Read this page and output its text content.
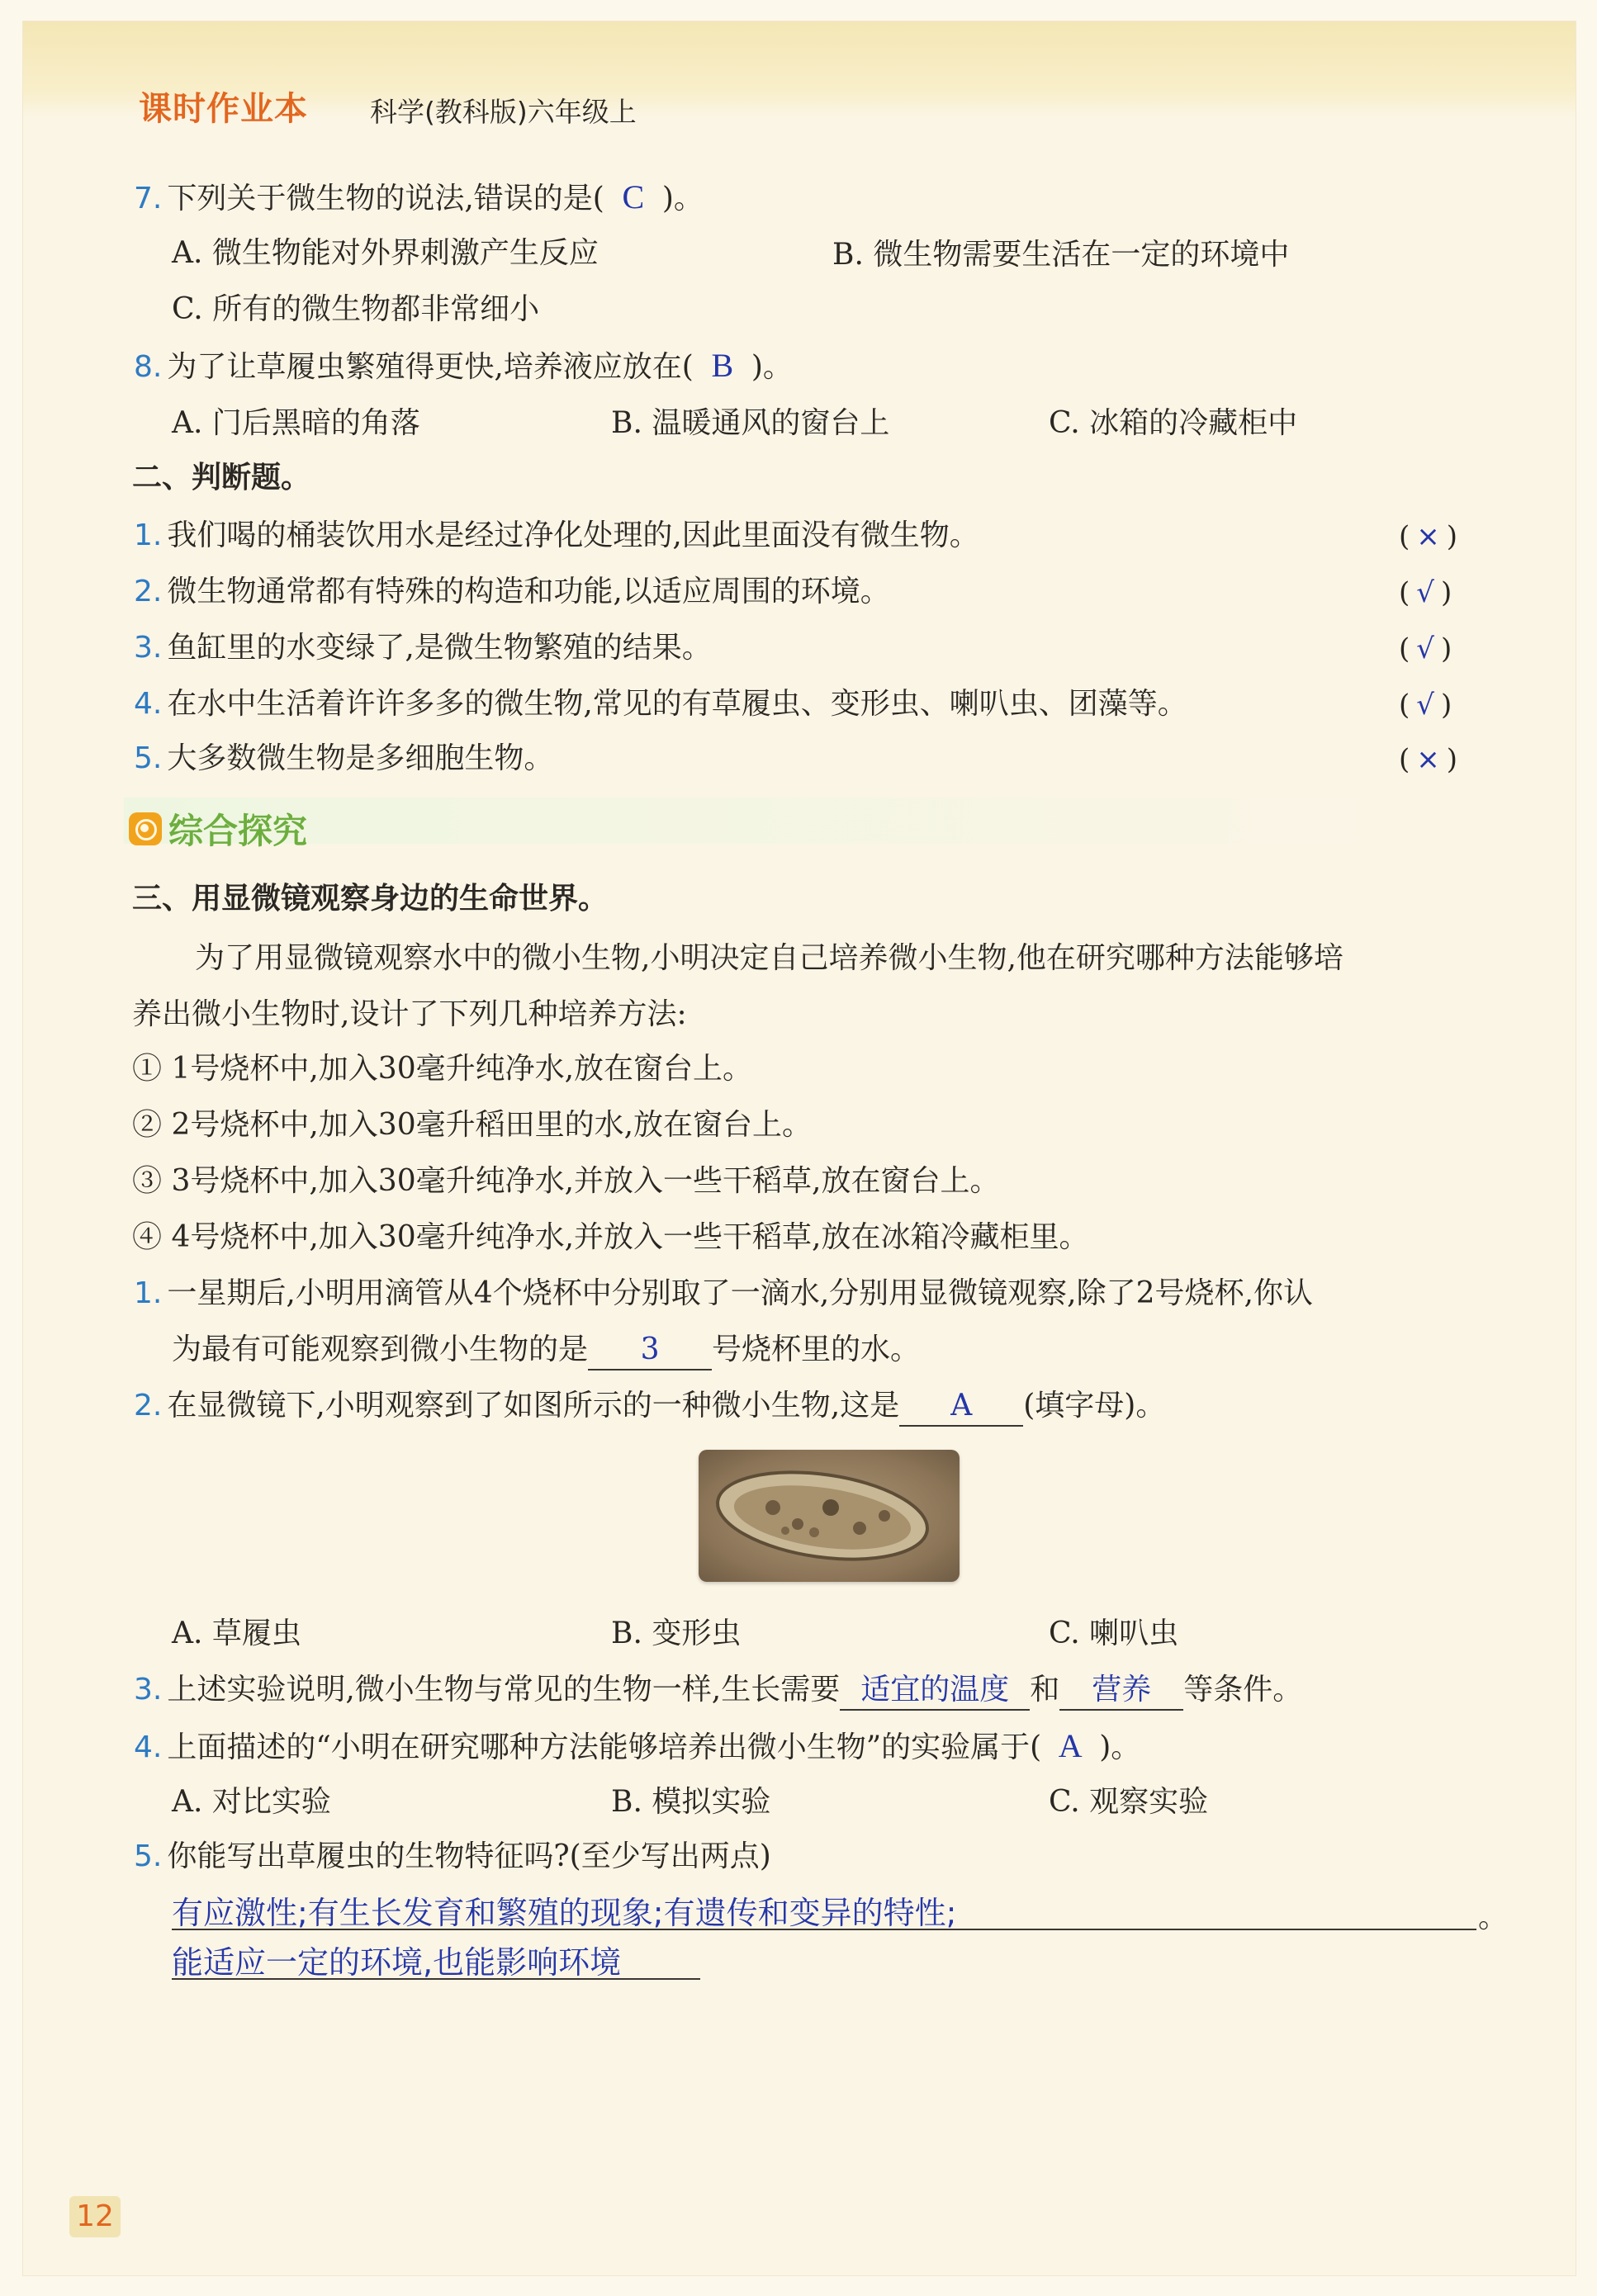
课时作业本 科学(教科版)六年级上
7. 下列关于微生物的说法,错误的是( C )。
A. 微生物能对外界刺激产生反应	B. 微生物需要生活在一定的环境中
C. 所有的微生物都非常细小
8. 为了让草履虫繁殖得更快,培养液应放在( B )。
A. 门后黑暗的角落	B. 温暖通风的窗台上	C. 冰箱的冷藏柜中
二、判断题。
1. 我们喝的桶装饮用水是经过净化处理的,因此里面没有微生物。	(×)
2. 微生物通常都有特殊的构造和功能,以适应周围的环境。	(√)
3. 鱼缸里的水变绿了,是微生物繁殖的结果。	(√)
4. 在水中生活着许许多多的微生物,常见的有草履虫、变形虫、喇叭虫、团藻等。	(√)
5. 大多数微生物是多细胞生物。	(×)
综合探究
三、用显微镜观察身边的生命世界。
为了用显微镜观察水中的微小生物,小明决定自己培养微小生物,他在研究哪种方法能够培
养出微小生物时,设计了下列几种培养方法:
① 1号烧杯中,加入30毫升纯净水,放在窗台上。
② 2号烧杯中,加入30毫升稻田里的水,放在窗台上。
③ 3号烧杯中,加入30毫升纯净水,并放入一些干稻草,放在窗台上。
④ 4号烧杯中,加入30毫升纯净水,并放入一些干稻草,放在冰箱冷藏柜里。
1. 一星期后,小明用滴管从4个烧杯中分别取了一滴水,分别用显微镜观察,除了2号烧杯,你认
为最有可能观察到微小生物的是 3 号烧杯里的水。
2. 在显微镜下,小明观察到了如图所示的一种微小生物,这是 A (填字母)。
A. 草履虫	B. 变形虫	C. 喇叭虫
3. 上述实验说明,微小生物与常见的生物一样,生长需要 适宜的温度 和 营养 等条件。
4. 上面描述的“小明在研究哪种方法能够培养出微小生物”的实验属于( A )。
A. 对比实验	B. 模拟实验	C. 观察实验
5. 你能写出草履虫的生物特征吗?(至少写出两点)
有应激性;有生长发育和繁殖的现象;有遗传和变异的特性;	。
能适应一定的环境,也能影响环境
12
